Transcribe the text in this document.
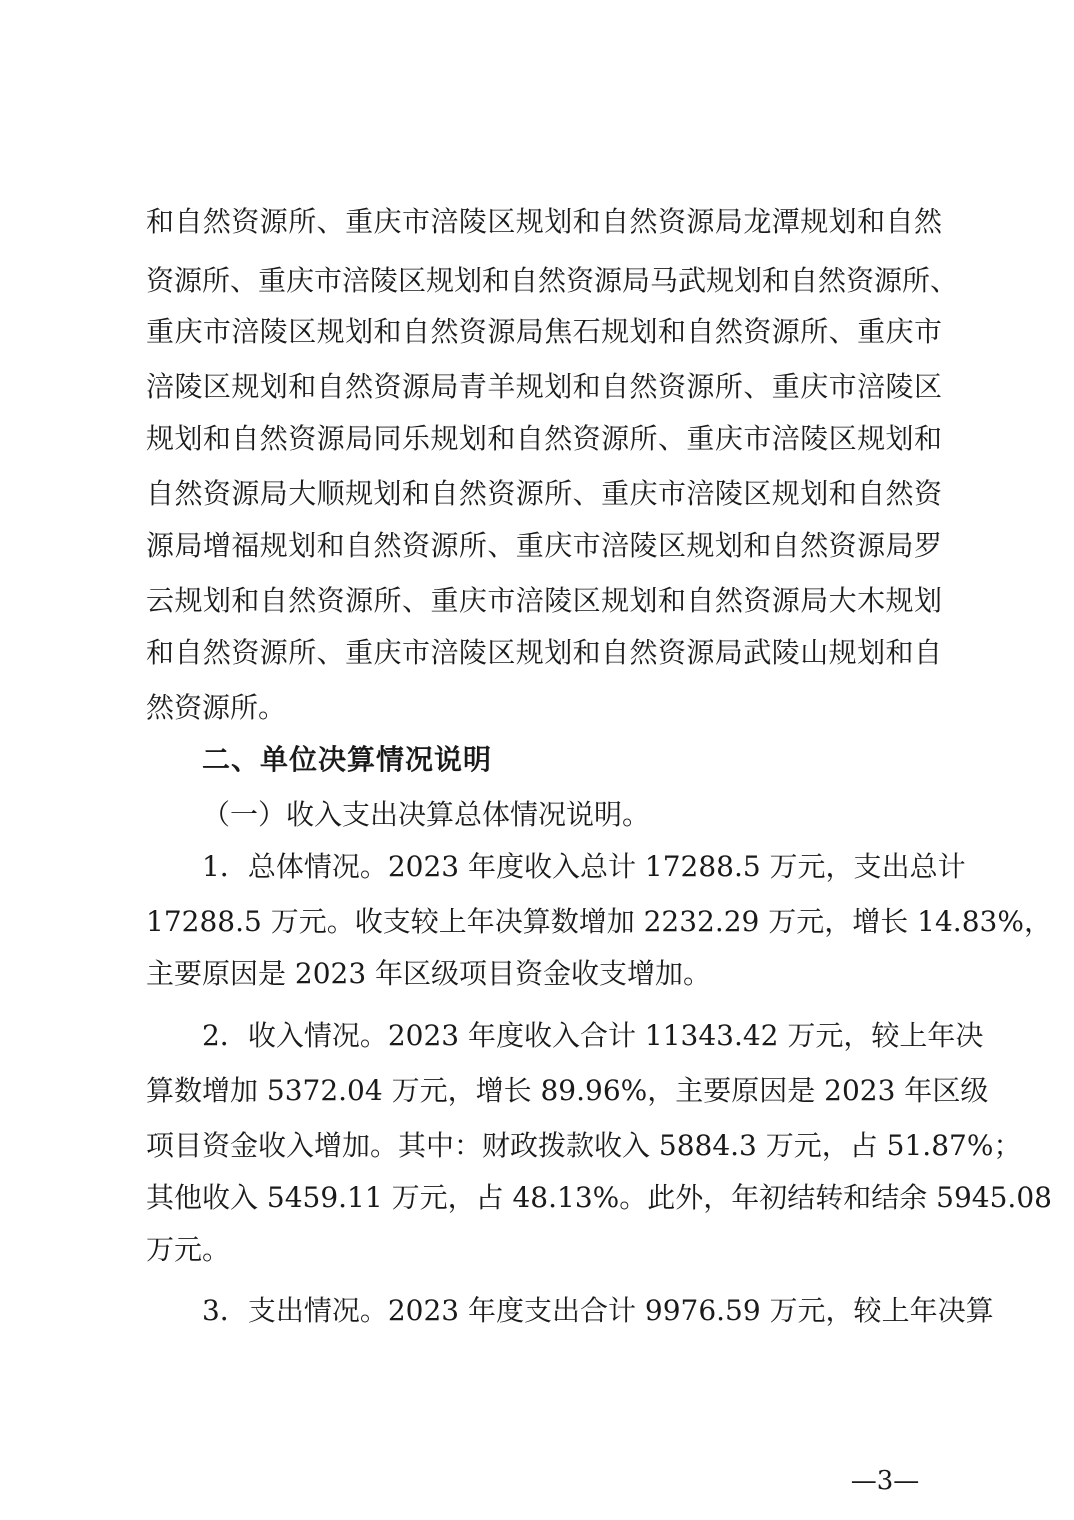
和自然资源所、重庆市涪陵区规划和自然资源局龙潭规划和自然
资源所、重庆市涪陵区规划和自然资源局马武规划和自然资源所、
重庆市涪陵区规划和自然资源局焦石规划和自然资源所、重庆市
涪陵区规划和自然资源局青羊规划和自然资源所、重庆市涪陵区
规划和自然资源局同乐规划和自然资源所、重庆市涪陵区规划和
自然资源局大顺规划和自然资源所、重庆市涪陵区规划和自然资
源局增福规划和自然资源所、重庆市涪陵区规划和自然资源局罗
云规划和自然资源所、重庆市涪陵区规划和自然资源局大木规划
和自然资源所、重庆市涪陵区规划和自然资源局武陵山规划和自
然资源所。
二、单位决算情况说明
（一）收入支出决算总体情况说明。
1．总体情况。2023 年度收入总计 17288.5 万元，支出总计
17288.5 万元。收支较上年决算数增加 2232.29 万元，增长 14.83%，
主要原因是 2023 年区级项目资金收支增加。
2．收入情况。2023 年度收入合计 11343.42 万元，较上年决
算数增加 5372.04 万元，增长 89.96%，主要原因是 2023 年区级
项目资金收入增加。其中：财政拨款收入 5884.3 万元，占 51.87%；
其他收入 5459.11 万元，占 48.13%。此外，年初结转和结余 5945.08
万元。
3．支出情况。2023 年度支出合计 9976.59 万元，较上年决算
—3—
